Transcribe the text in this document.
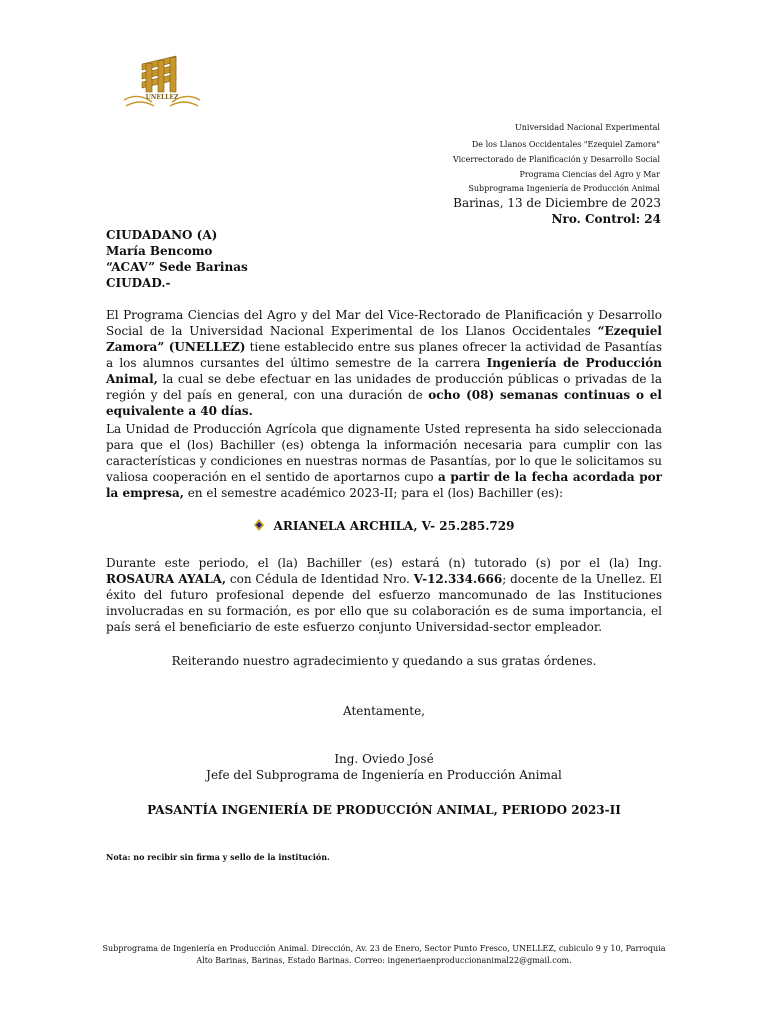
UNELLEZ
Universidad Nacional Experimental
De los Llanos Occidentales "Ezequiel Zamora"
Vicerrectorado de Planificación y Desarrollo Social
Programa Ciencias del Agro y Mar
Subprograma Ingeniería de Producción Animal
Barinas, 13 de Diciembre de 2023
Nro. Control: 24
CIUDADANO (A)
María Bencomo
“ACAV” Sede Barinas
CIUDAD.-
El Programa Ciencias del Agro y del Mar del Vice-Rectorado de Planificación y Desarrollo Social de la Universidad Nacional Experimental de los Llanos Occidentales “Ezequiel Zamora” (UNELLEZ) tiene establecido entre sus planes ofrecer la actividad de Pasantías a los alumnos cursantes del último semestre de la carrera Ingeniería de Producción Animal, la cual se debe efectuar en las unidades de producción públicas o privadas de la región y del país en general, con una duración de ocho (08) semanas continuas o el equivalente a 40 días.
La Unidad de Producción Agrícola que dignamente Usted representa ha sido seleccionada para que el (los) Bachiller (es) obtenga la información necesaria para cumplir con las características y condiciones en nuestras normas de Pasantías, por lo que le solicitamos su valiosa cooperación en el sentido de aportarnos cupo a partir de la fecha acordada por la empresa, en el semestre académico 2023-II; para el (los) Bachiller (es):
ARIANELA ARCHILA, V- 25.285.729
Durante este periodo, el (la) Bachiller (es) estará (n) tutorado (s) por el (la) Ing. ROSAURA AYALA, con Cédula de Identidad Nro. V-12.334.666; docente de la Unellez. El éxito del futuro profesional depende del esfuerzo mancomunado de las Instituciones involucradas en su formación, es por ello que su colaboración es de suma importancia, el país será el beneficiario de este esfuerzo conjunto Universidad-sector empleador.
Reiterando nuestro agradecimiento y quedando a sus gratas órdenes.
Atentamente,
Ing. Oviedo José
Jefe del Subprograma de Ingeniería en Producción Animal
PASANTÍA INGENIERÍA DE PRODUCCIÓN ANIMAL, PERIODO 2023-II
Nota: no recibir sin firma y sello de la institución.
Subprograma de Ingeniería en Producción Animal. Dirección, Av. 23 de Enero, Sector Punto Fresco, UNELLEZ, cubiculo 9 y 10, Parroquia
Alto Barinas, Barinas, Estado Barinas. Correo: ingeneriaenproduccionanimal22@gmail.com.
